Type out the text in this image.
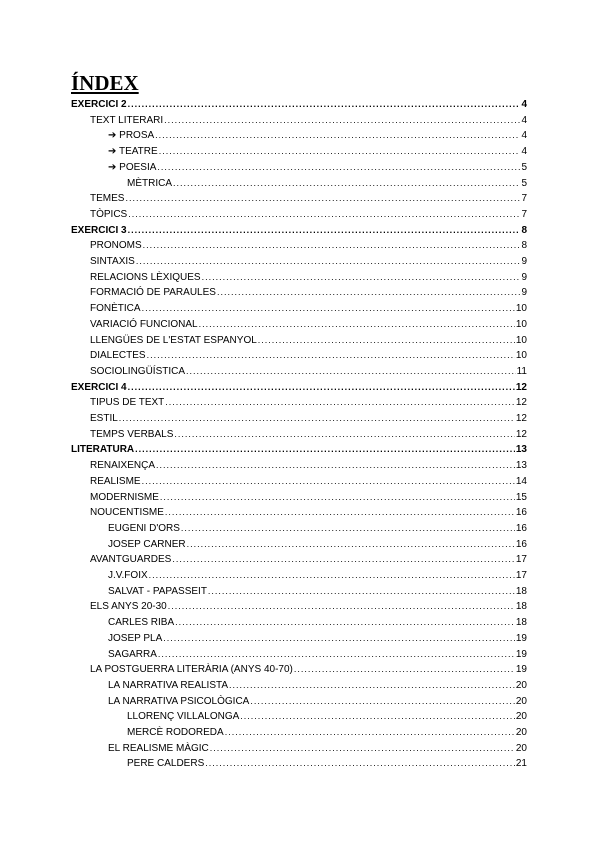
ÍNDEX
EXERCICI 2 .....	4
TEXT LITERARI .....	4
➔ PROSA .....	4
➔ TEATRE .....	4
➔ POESIA .....	5
MÈTRICA .....	5
TEMES .....	7
TÒPICS .....	7
EXERCICI 3 .....	8
PRONOMS .....	8
SINTAXIS .....	9
RELACIONS LÈXIQUES .....	9
FORMACIÓ DE PARAULES .....	9
FONÈTICA .....	10
VARIACIÓ FUNCIONAL .....	10
LLENGÜES DE L'ESTAT ESPANYOL .....	10
DIALECTES .....	10
SOCIOLINGÜÍSTICA .....	11
EXERCICI 4 .....	12
TIPUS DE TEXT .....	12
ESTIL .....	12
TEMPS VERBALS .....	12
LITERATURA .....	13
RENAIXENÇA .....	13
REALISME .....	14
MODERNISME .....	15
NOUCENTISME .....	16
EUGENI D'ORS .....	16
JOSEP CARNER .....	16
AVANTGUARDES .....	17
J.V.FOIX .....	17
SALVAT - PAPASSEIT .....	18
ELS ANYS 20-30 .....	18
CARLES RIBA .....	18
JOSEP PLA .....	19
SAGARRA .....	19
LA POSTGUERRA LITERÀRIA (ANYS 40-70) .....	19
LA NARRATIVA REALISTA .....	20
LA NARRATIVA PSICOLÒGICA .....	20
LLORENÇ VILLALONGA .....	20
MERCÈ RODOREDA .....	20
EL REALISME MÀGIC .....	20
PERE CALDERS .....	21
